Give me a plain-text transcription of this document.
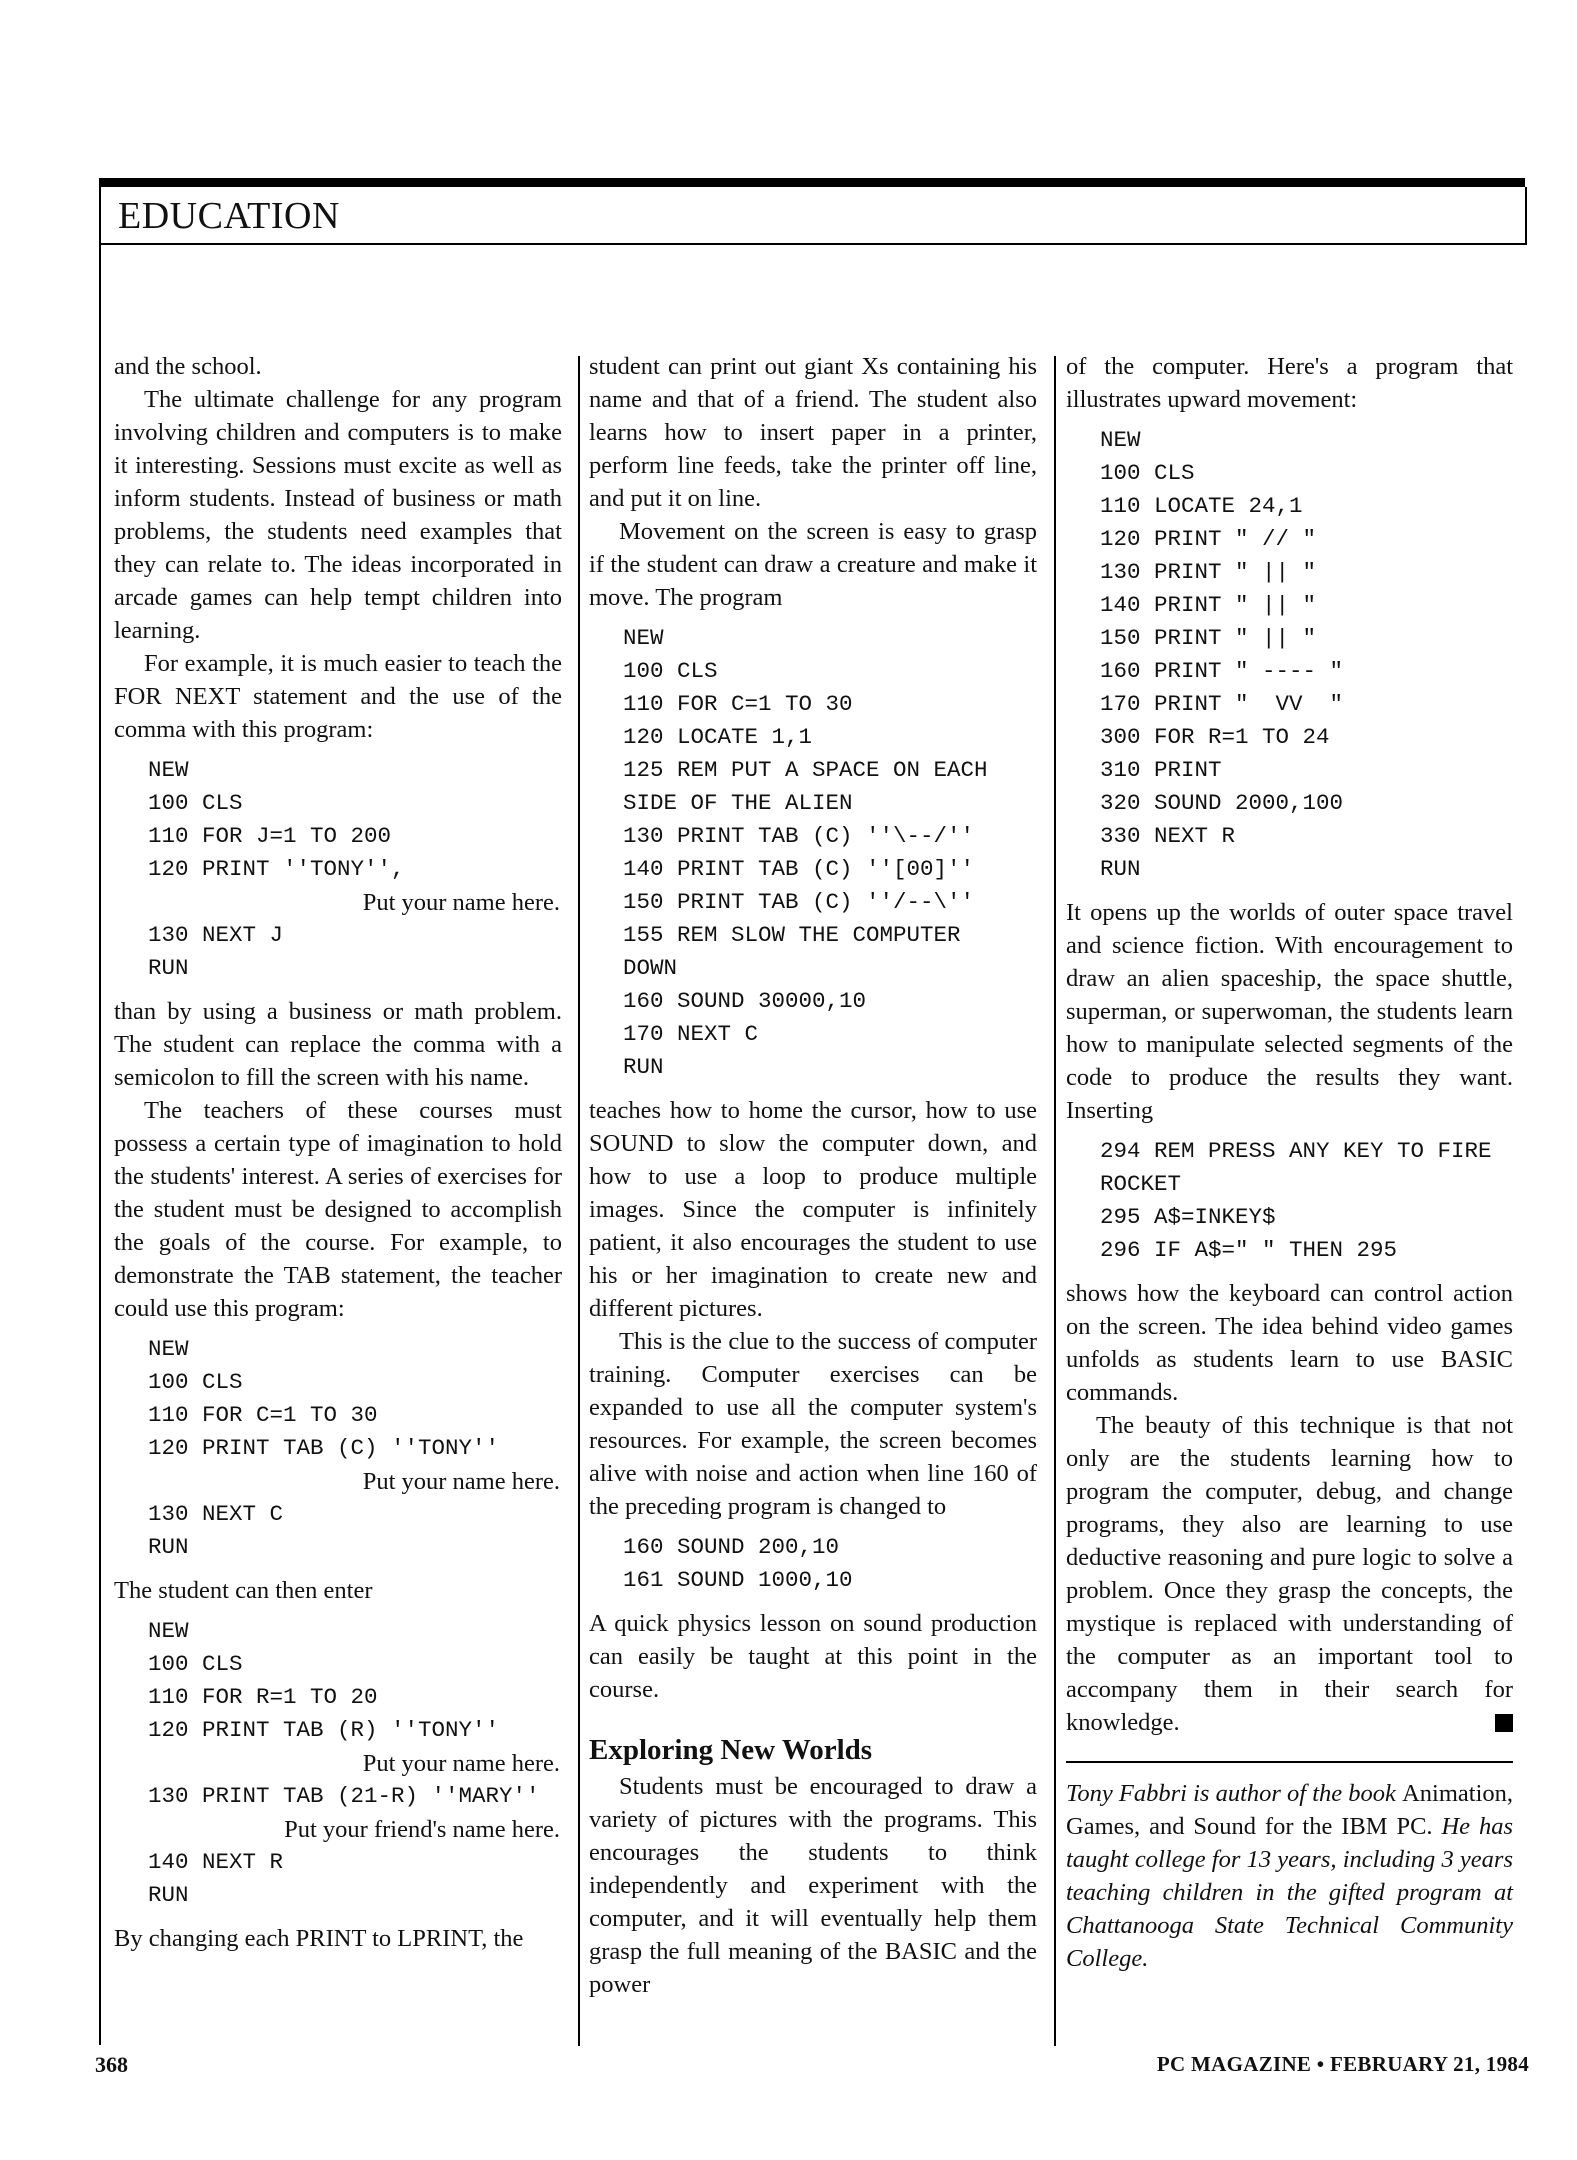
EDUCATION

and the school.

The ultimate challenge for any program involving children and computers is to make it interesting. Sessions must excite as well as inform students. Instead of business or math problems, the students need examples that they can relate to. The ideas incorporated in arcade games can help tempt children into learning.

For example, it is much easier to teach the FOR NEXT statement and the use of the comma with this program:

NEW
100 CLS
110 FOR J=1 TO 200
120 PRINT ''TONY'',

Put your name here.
130 NEXT J
RUN

than by using a business or math problem. The student can replace the comma with a semicolon to fill the screen with his name.

The teachers of these courses must possess a certain type of imagination to hold the students' interest. A series of exercises for the student must be designed to accomplish the goals of the course. For example, to demonstrate the TAB statement, the teacher could use this program:

NEW
100 CLS
110 FOR C=1 TO 30
120 PRINT TAB (C) ''TONY''

Put your name here.
130 NEXT C
RUN

The student can then enter

NEW
100 CLS
110 FOR R=1 TO 20
120 PRINT TAB (R) ''TONY''

Put your name here.
130 PRINT TAB (21-R) ''MARY''

Put your friend's name here.
140 NEXT R
RUN

By changing each PRINT to LPRINT, the

student can print out giant Xs containing his name and that of a friend. The student also learns how to insert paper in a printer, perform line feeds, take the printer off line, and put it on line.

Movement on the screen is easy to grasp if the student can draw a creature and make it move. The program

NEW
100 CLS
110 FOR C=1 TO 30
120 LOCATE 1,1
125 REM PUT A SPACE ON EACH
SIDE OF THE ALIEN
130 PRINT TAB (C) ''\--/''
140 PRINT TAB (C) ''[00]''
150 PRINT TAB (C) ''/--\''
155 REM SLOW THE COMPUTER
DOWN
160 SOUND 30000,10
170 NEXT C
RUN

teaches how to home the cursor, how to use SOUND to slow the computer down, and how to use a loop to produce multiple images. Since the computer is infinitely patient, it also encourages the student to use his or her imagination to create new and different pictures.

This is the clue to the success of computer training. Computer exercises can be expanded to use all the computer system's resources. For example, the screen becomes alive with noise and action when line 160 of the preceding program is changed to

160 SOUND 200,10
161 SOUND 1000,10

A quick physics lesson on sound production can easily be taught at this point in the course.

Exploring New Worlds

Students must be encouraged to draw a variety of pictures with the programs. This encourages the students to think independently and experiment with the computer, and it will eventually help them grasp the full meaning of the BASIC and the power

of the computer. Here's a program that illustrates upward movement:

NEW
100 CLS
110 LOCATE 24,1
120 PRINT " // "
130 PRINT " || "
140 PRINT " || "
150 PRINT " || "
160 PRINT " ---- "
170 PRINT "  VV  "
300 FOR R=1 TO 24
310 PRINT
320 SOUND 2000,100
330 NEXT R
RUN

It opens up the worlds of outer space travel and science fiction. With encouragement to draw an alien spaceship, the space shuttle, superman, or superwoman, the students learn how to manipulate selected segments of the code to produce the results they want. Inserting

294 REM PRESS ANY KEY TO FIRE
ROCKET
295 A$=INKEY$
296 IF A$=" " THEN 295

shows how the keyboard can control action on the screen. The idea behind video games unfolds as students learn to use BASIC commands.

The beauty of this technique is that not only are the students learning how to program the computer, debug, and change programs, they also are learning to use deductive reasoning and pure logic to solve a problem. Once they grasp the concepts, the mystique is replaced with understanding of the computer as an important tool to accompany them in their search for knowledge.

Tony Fabbri is author of the book Animation, Games, and Sound for the IBM PC. He has taught college for 13 years, including 3 years teaching children in the gifted program at Chattanooga State Technical Community College.

368	PC MAGAZINE • FEBRUARY 21, 1984
